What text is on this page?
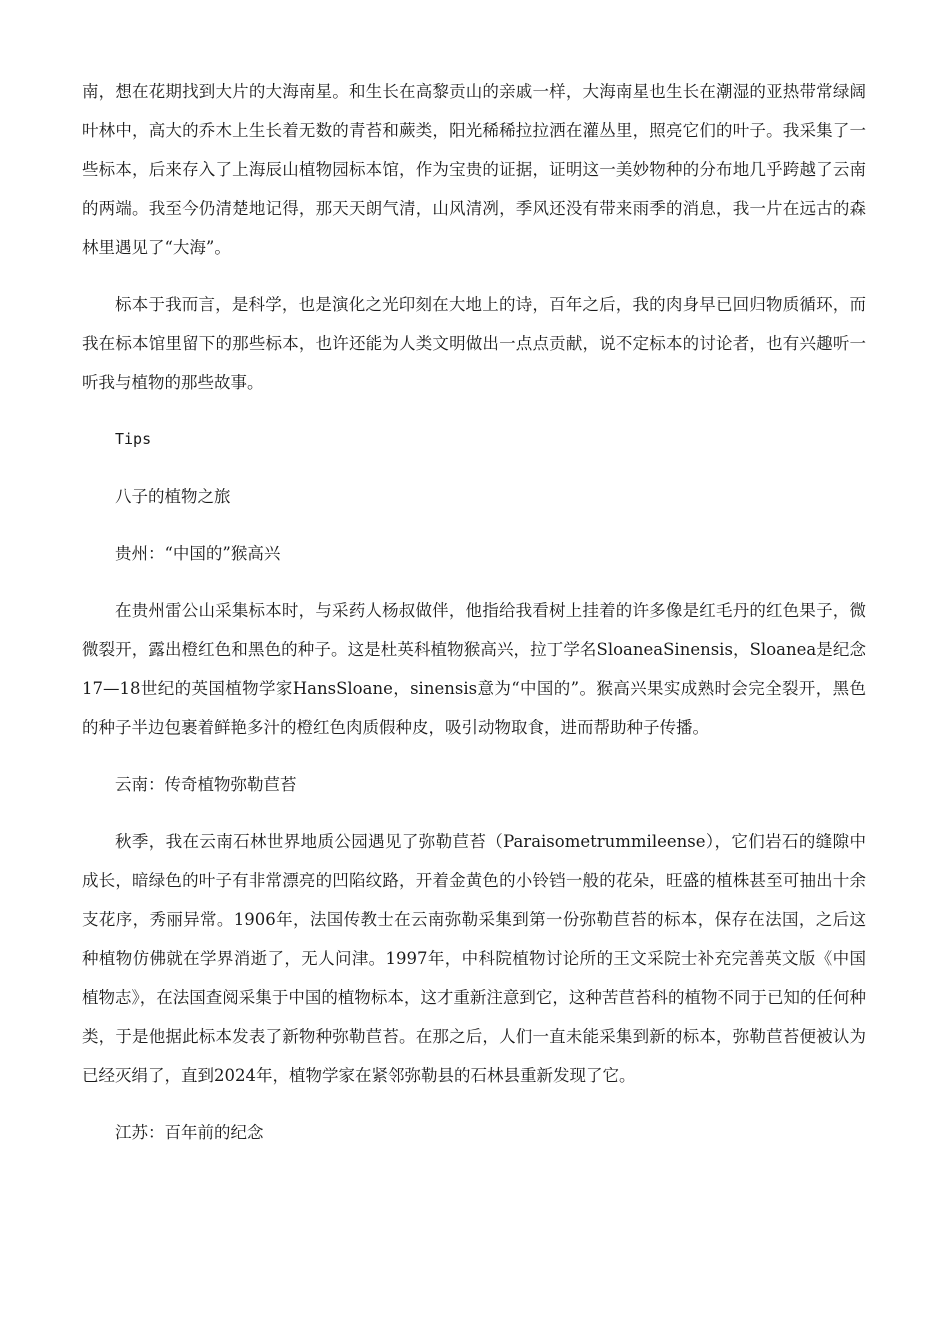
南，想在花期找到大片的大海南星。和生长在高黎贡山的亲戚一样，大海南星也生长在潮湿的亚热带常绿阔叶林中，高大的乔木上生长着无数的青苔和蕨类，阳光稀稀拉拉洒在灌丛里，照亮它们的叶子。我采集了一些标本，后来存入了上海辰山植物园标本馆，作为宝贵的证据，证明这一美妙物种的分布地几乎跨越了云南的两端。我至今仍清楚地记得，那天天朗气清，山风清冽，季风还没有带来雨季的消息，我一片在远古的森林里遇见了“大海”。

标本于我而言，是科学，也是演化之光印刻在大地上的诗，百年之后，我的肉身早已回归物质循环，而我在标本馆里留下的那些标本，也许还能为人类文明做出一点点贡献，说不定标本的讨论者，也有兴趣听一听我与植物的那些故事。

Tips

八子的植物之旅

贵州：“中国的”猴高兴

在贵州雷公山采集标本时，与采药人杨叔做伴，他指给我看树上挂着的许多像是红毛丹的红色果子，微微裂开，露出橙红色和黑色的种子。这是杜英科植物猴高兴，拉丁学名SloaneaSinensis，Sloanea是纪念17—18世纪的英国植物学家HansSloane，sinensis意为“中国的”。猴高兴果实成熟时会完全裂开，黑色的种子半边包裹着鲜艳多汁的橙红色肉质假种皮，吸引动物取食，进而帮助种子传播。

云南：传奇植物弥勒苣苔

秋季，我在云南石林世界地质公园遇见了弥勒苣苔（Paraisometrummileense），它们岩石的缝隙中成长，暗绿色的叶子有非常漂亮的凹陷纹路，开着金黄色的小铃铛一般的花朵，旺盛的植株甚至可抽出十余支花序，秀丽异常。1906年，法国传教士在云南弥勒采集到第一份弥勒苣苔的标本，保存在法国，之后这种植物仿佛就在学界消逝了，无人问津。1997年，中科院植物讨论所的王文采院士补充完善英文版《中国植物志》，在法国查阅采集于中国的植物标本，这才重新注意到它，这种苦苣苔科的植物不同于已知的任何种类，于是他据此标本发表了新物种弥勒苣苔。在那之后，人们一直未能采集到新的标本，弥勒苣苔便被认为已经灭绢了，直到2024年，植物学家在紧邻弥勒县的石林县重新发现了它。

江苏：百年前的纪念
